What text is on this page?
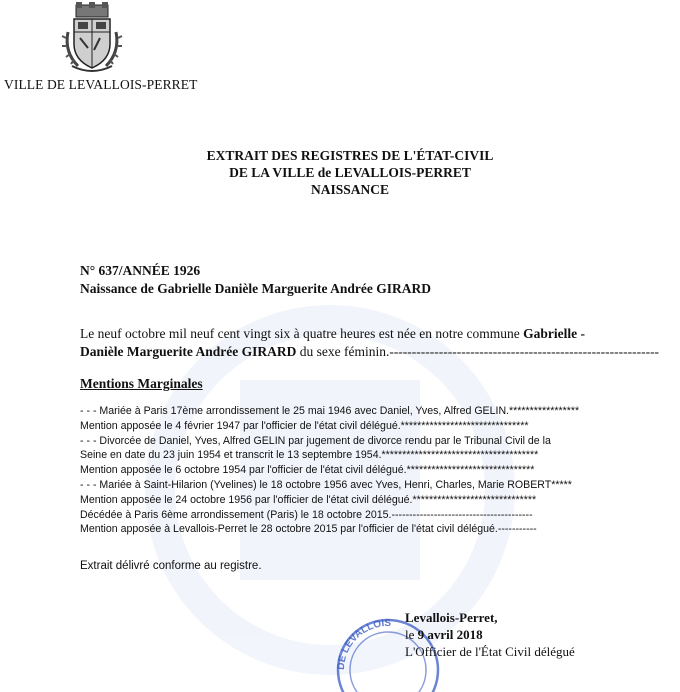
VILLE DE LEVALLOIS-PERRET
EXTRAIT DES REGISTRES DE L'ÉTAT-CIVIL
DE LA VILLE de LEVALLOIS-PERRET
NAISSANCE
N° 637/ANNÉE 1926
Naissance de Gabrielle Danièle Marguerite Andrée GIRARD
Le neuf octobre mil neuf cent vingt six à quatre heures est née en notre commune Gabrielle -
Danièle Marguerite Andrée GIRARD du sexe féminin.------------------------------------------------------------
Mentions Marginales
- - - Mariée à Paris 17ème arrondissement le 25 mai 1946 avec Daniel, Yves, Alfred GELIN.*****************
Mention apposée le 4 février 1947 par l'officier de l'état civil délégué.*******************************
- - - Divorcée de Daniel, Yves, Alfred GELIN par jugement de divorce rendu par le Tribunal Civil de la
Seine en date du 23 juin 1954 et transcrit le 13 septembre 1954.**************************************
Mention apposée le 6 octobre 1954 par l'officier de l'état civil délégué.*******************************
- - - Mariée à Saint-Hilarion (Yvelines) le 18 octobre 1956 avec Yves, Henri, Charles, Marie ROBERT*****
Mention apposée le 24 octobre 1956 par l'officier de l'état civil délégué.******************************
Décédée à Paris 6ème arrondissement (Paris) le 18 octobre 2015.----------------------------------------
Mention apposée à Levallois-Perret le 28 octobre 2015 par l'officier de l'état civil délégué.-----------
Extrait délivré conforme au registre.
DE LEVALLOIS Levallois-Perret,
le 9 avril 2018
L'Officier de l'État Civil délégué
